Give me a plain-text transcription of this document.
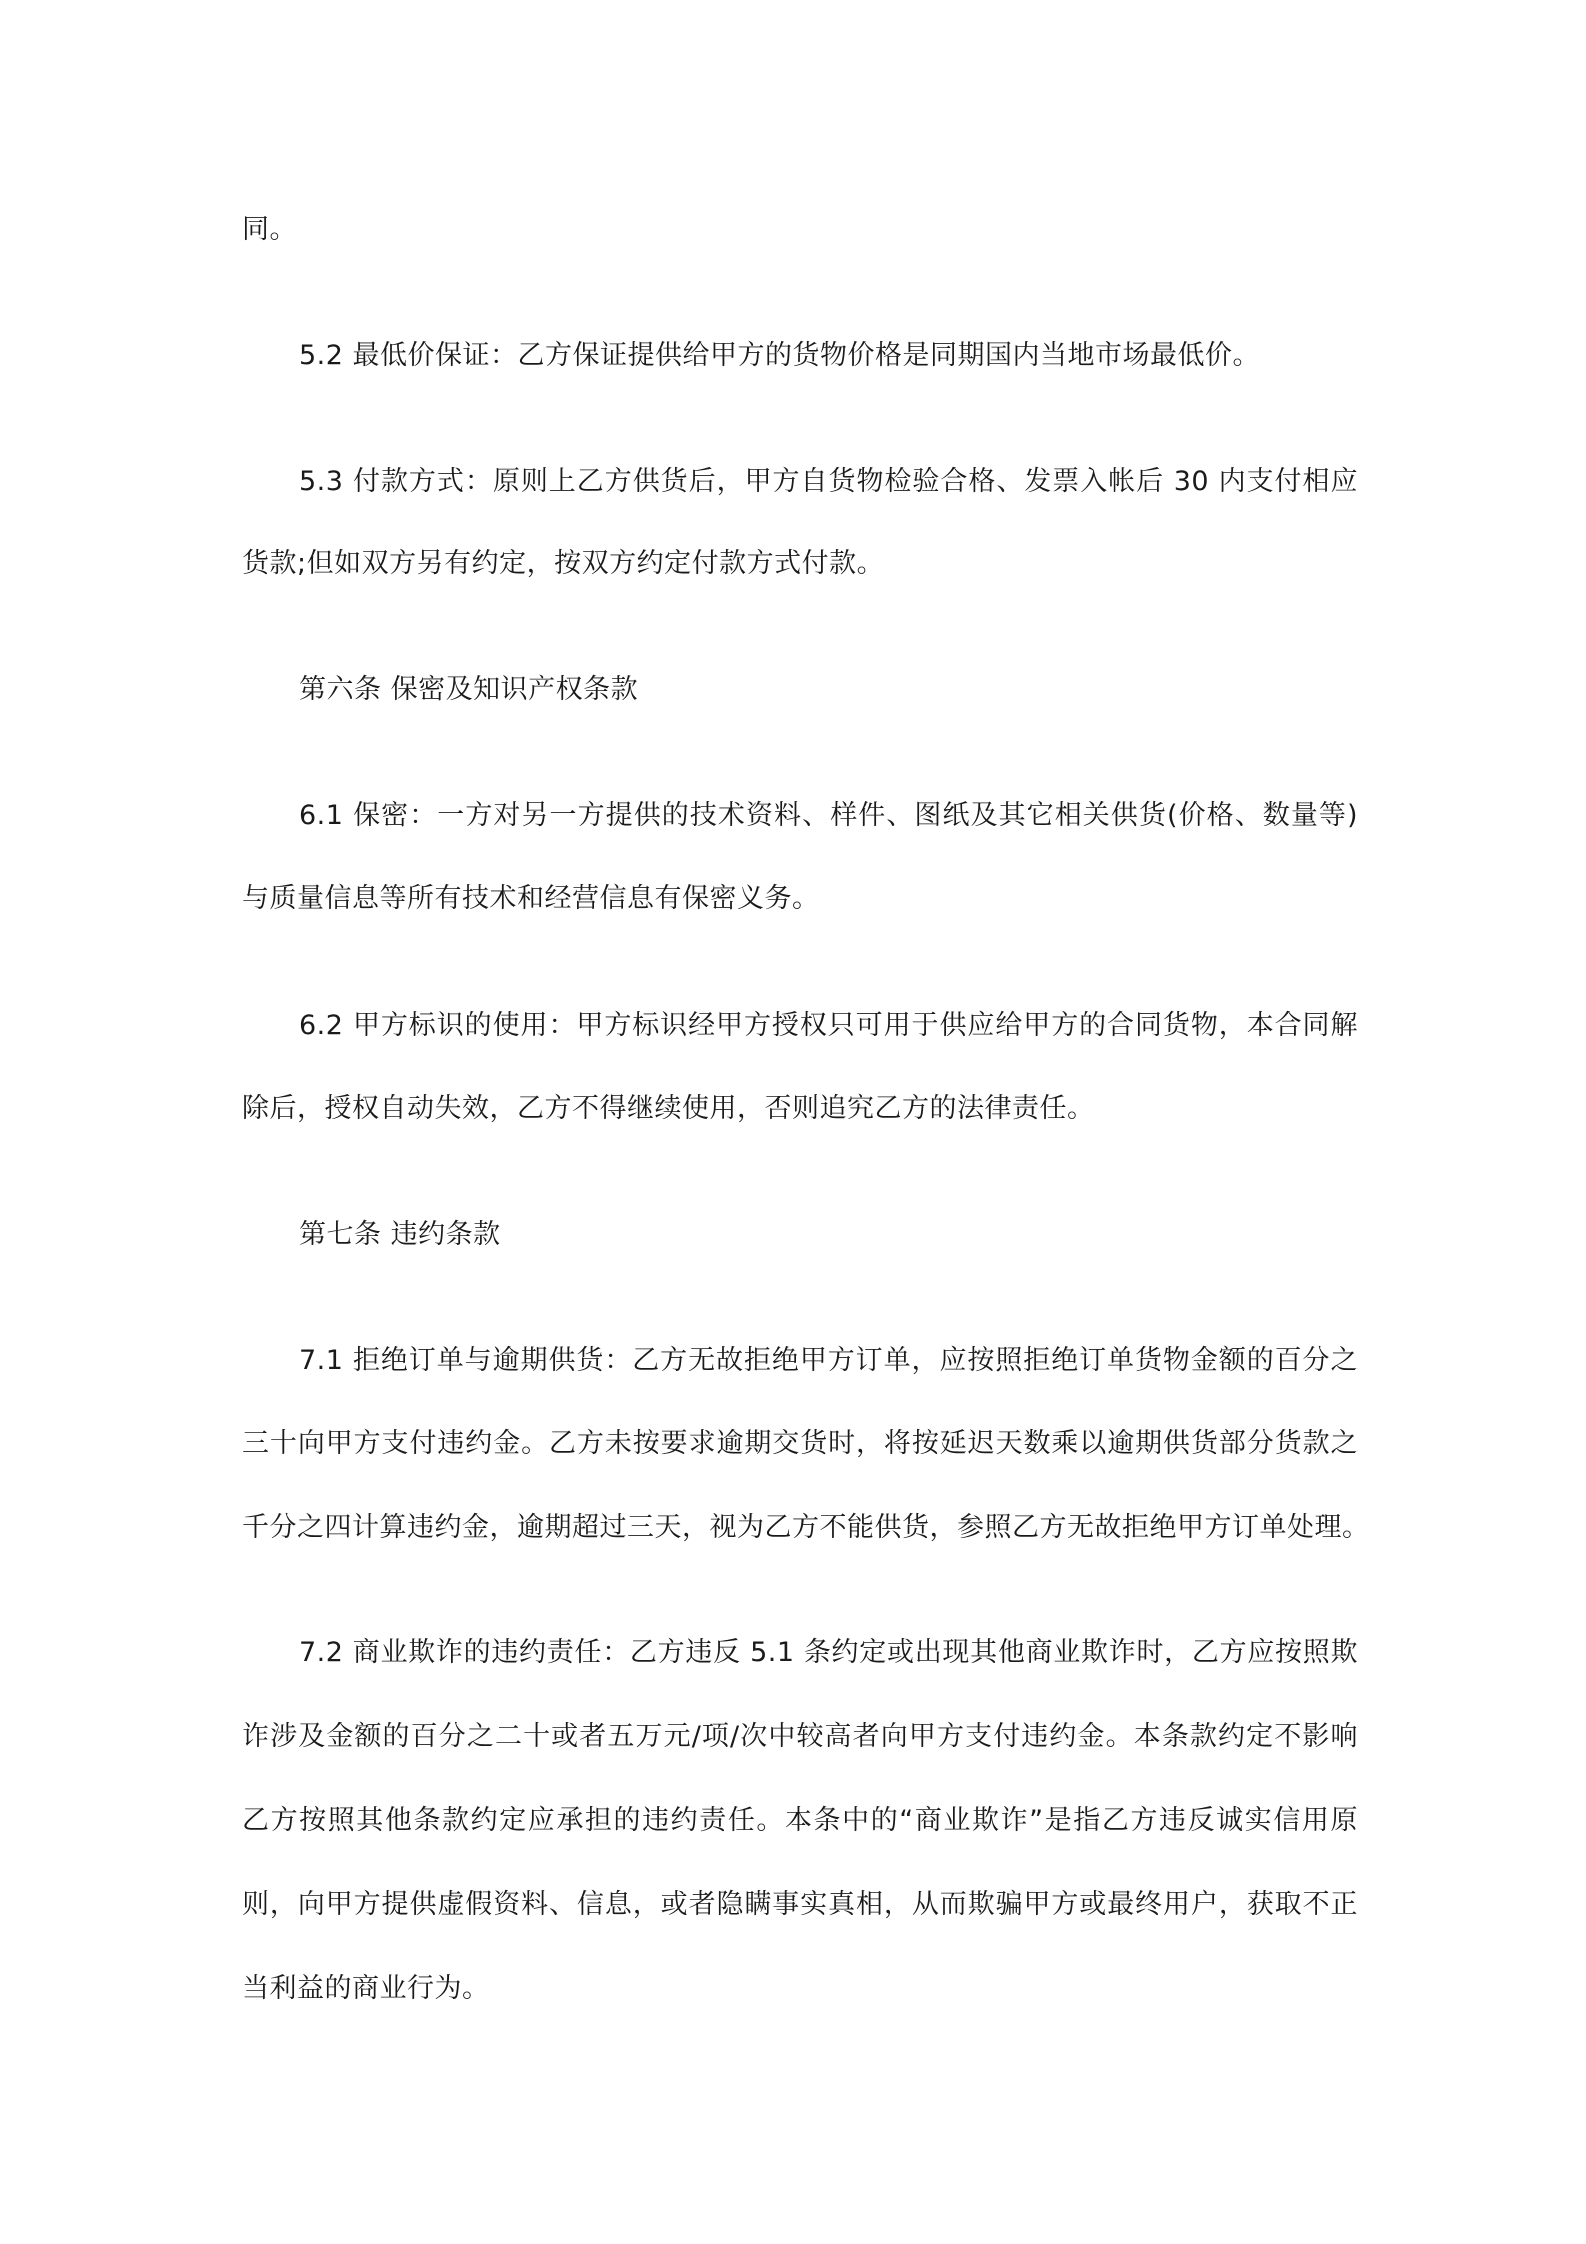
同。
5.2 最低价保证：乙方保证提供给甲方的货物价格是同期国内当地市场最低价。
5.3 付款方式：原则上乙方供货后，甲方自货物检验合格、发票入帐后 30 内支付相应
货款;但如双方另有约定，按双方约定付款方式付款。
第六条 保密及知识产权条款
6.1 保密：一方对另一方提供的技术资料、样件、图纸及其它相关供货(价格、数量等)
与质量信息等所有技术和经营信息有保密义务。
6.2 甲方标识的使用：甲方标识经甲方授权只可用于供应给甲方的合同货物，本合同解
除后，授权自动失效，乙方不得继续使用，否则追究乙方的法律责任。
第七条 违约条款
7.1 拒绝订单与逾期供货：乙方无故拒绝甲方订单，应按照拒绝订单货物金额的百分之
三十向甲方支付违约金。乙方未按要求逾期交货时，将按延迟天数乘以逾期供货部分货款之
千分之四计算违约金，逾期超过三天，视为乙方不能供货，参照乙方无故拒绝甲方订单处理。
7.2 商业欺诈的违约责任：乙方违反 5.1 条约定或出现其他商业欺诈时，乙方应按照欺
诈涉及金额的百分之二十或者五万元/项/次中较高者向甲方支付违约金。本条款约定不影响
乙方按照其他条款约定应承担的违约责任。本条中的“商业欺诈”是指乙方违反诚实信用原
则，向甲方提供虚假资料、信息，或者隐瞒事实真相，从而欺骗甲方或最终用户，获取不正
当利益的商业行为。
